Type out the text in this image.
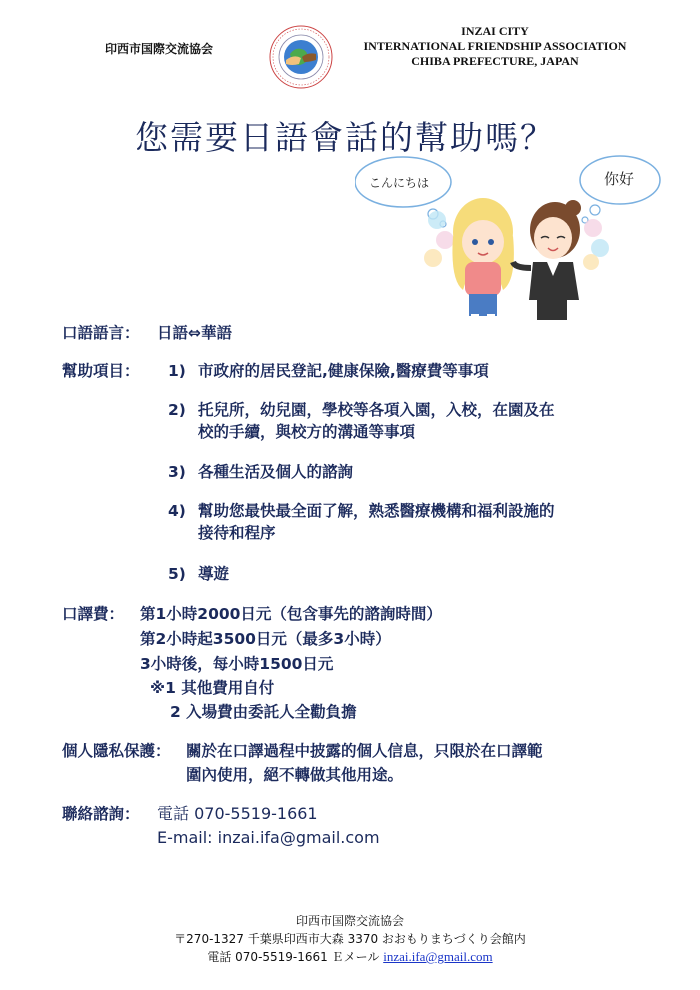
印西市国際交流協会
INZAI CITY
INTERNATIONAL FRIENDSHIP ASSOCIATION
CHIBA PREFECTURE, JAPAN
您需要日語會話的幫助嗎？
こんにちは	你好
口語語言： 日語⇔華語
幫助項目： 1) 市政府的居民登記,健康保險,醫療費等事項
2) 托兒所，幼兒園，學校等各項入園，入校，在園及在
校的手續，與校方的溝通等事項
3) 各種生活及個人的諮詢
4) 幫助您最快最全面了解，熟悉醫療機構和福利設施的
接待和程序
5) 導遊
口譯費： 第1小時2000日元（包含事先的諮詢時間）
第2小時起3500日元（最多3小時）
3小時後，每小時1500日元
※1 其他費用自付
2 入場費由委託人全勸負擔
個人隱私保護： 關於在口譯過程中披露的個人信息，只限於在口譯範
圍內使用，絕不轉做其他用途。
聯絡諮詢： 電話 070-5519-1661
E-mail: inzai.ifa@gmail.com
印西市国際交流協会
〒270-1327 千葉県印西市大森 3370 おおもりまちづくり会館内
電話 070-5519-1661 Ｅメール inzai.ifa@gmail.com
